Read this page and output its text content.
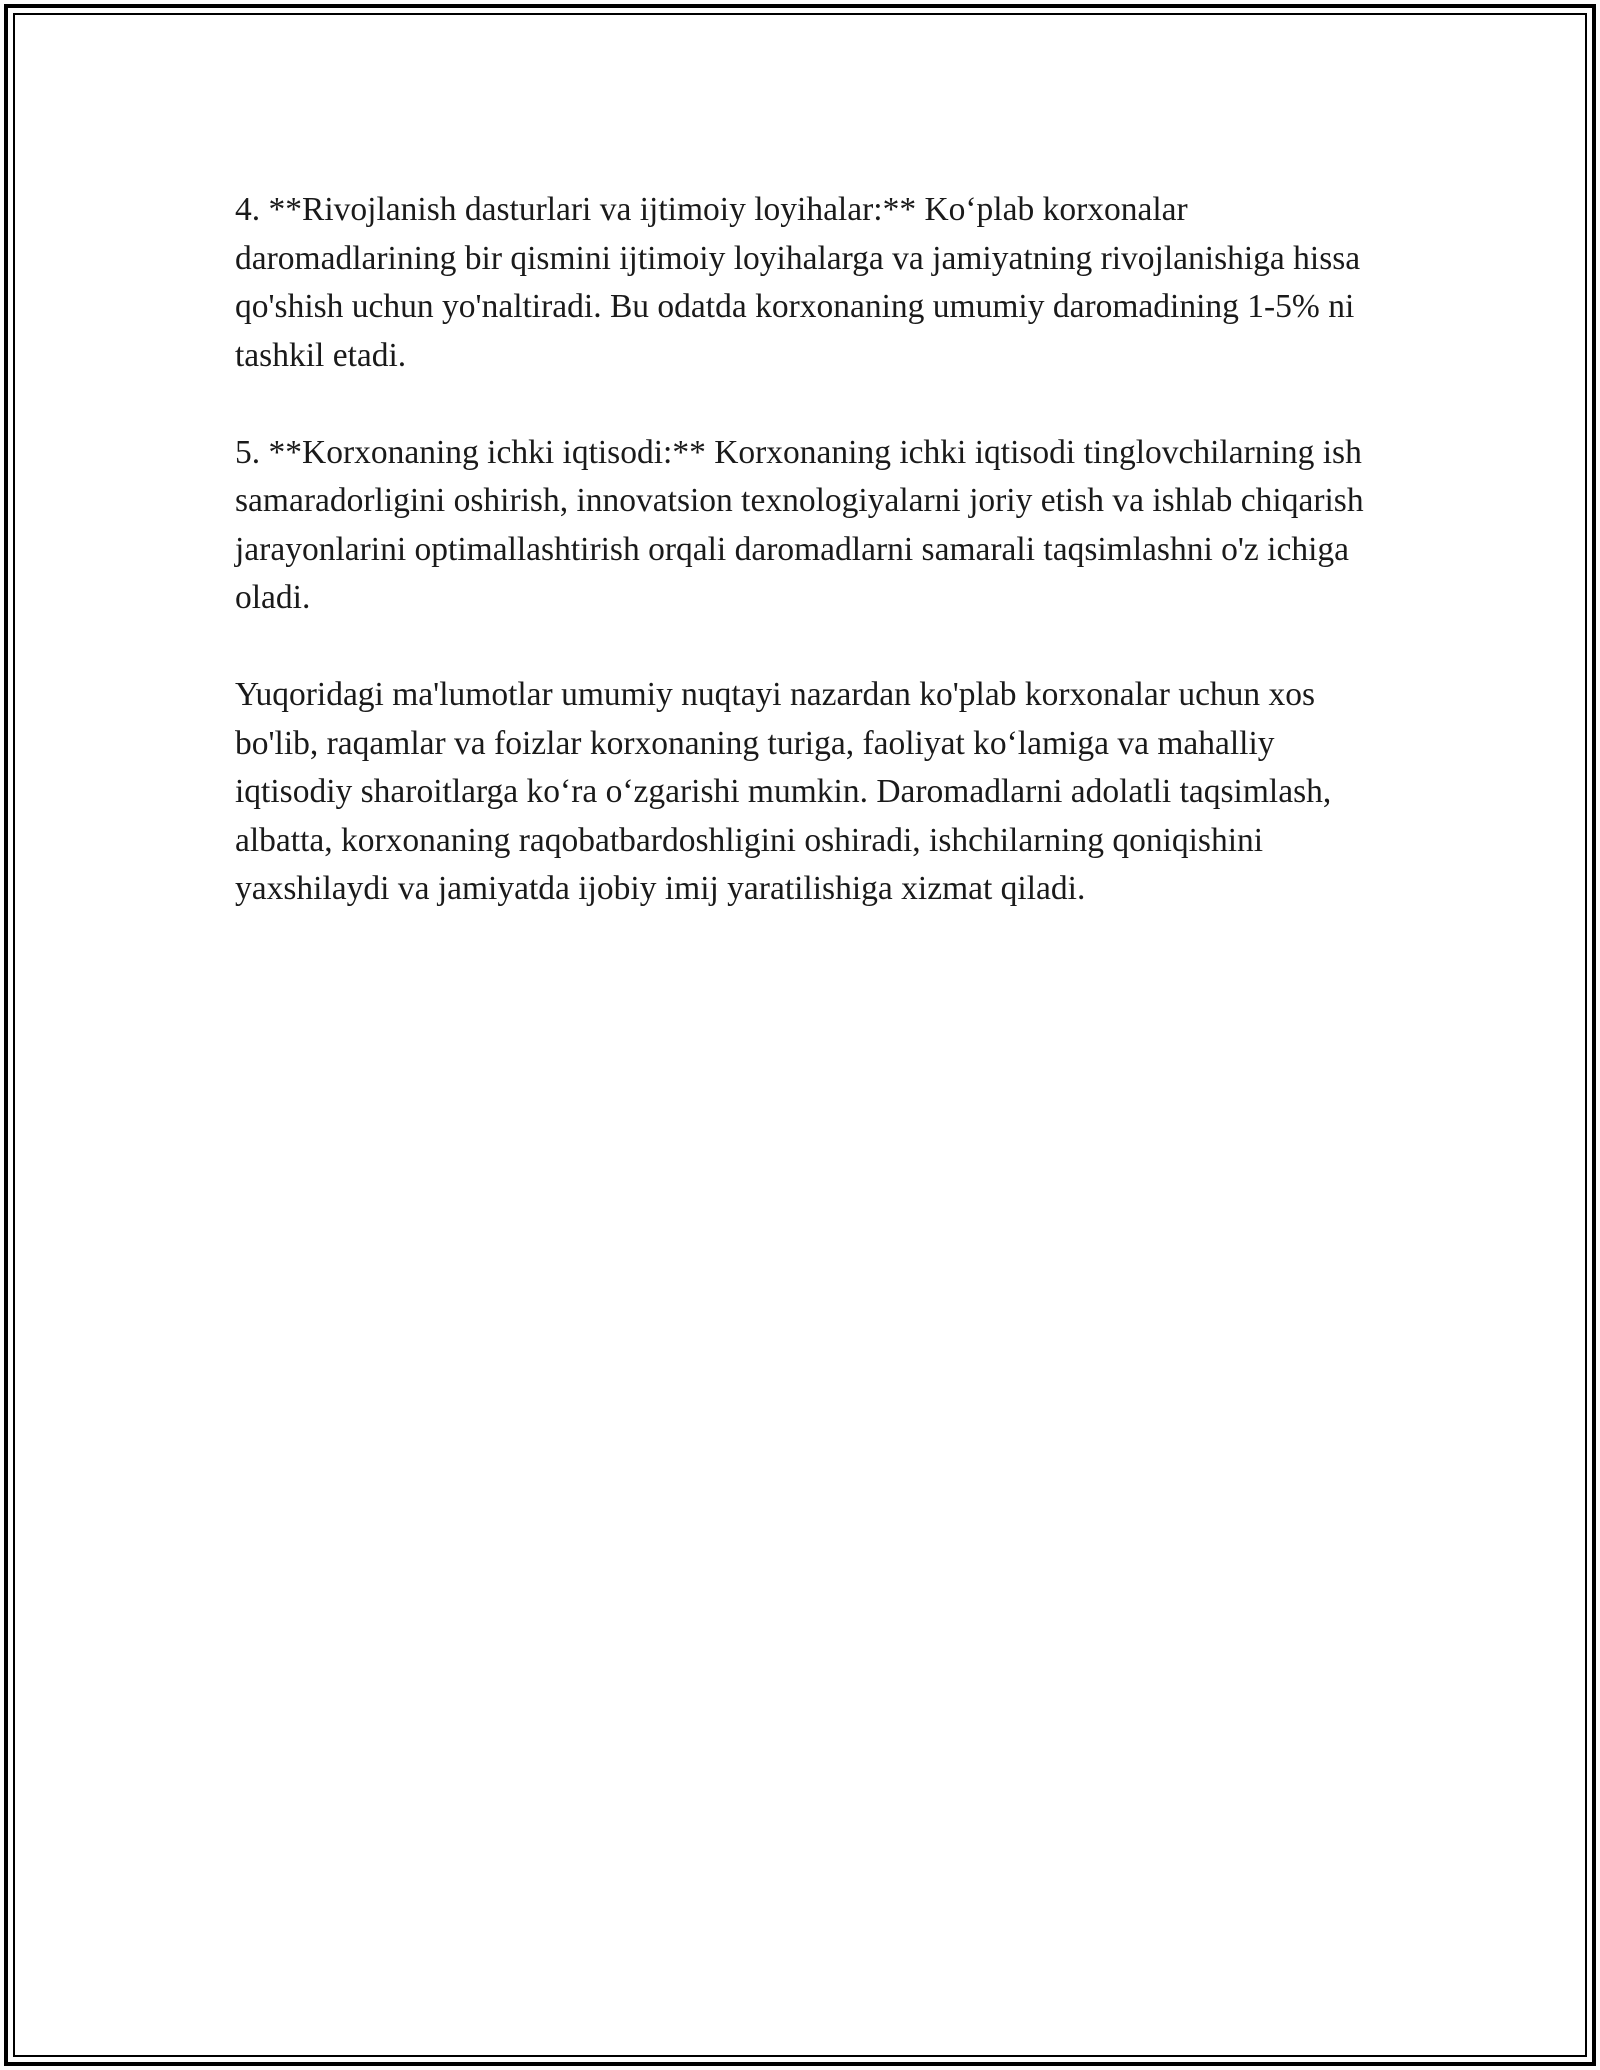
4. **Rivojlanish dasturlari va ijtimoiy loyihalar:** Koʻplab korxonalar daromadlarining bir qismini ijtimoiy loyihalarga va jamiyatning rivojlanishiga hissa qo'shish uchun yo'naltiradi. Bu odatda korxonaning umumiy daromadining 1-5% ni tashkil etadi.

5. **Korxonaning ichki iqtisodi:** Korxonaning ichki iqtisodi tinglovchilarning ish samaradorligini oshirish, innovatsion texnologiyalarni joriy etish va ishlab chiqarish jarayonlarini optimallashtirish orqali daromadlarni samarali taqsimlashni o'z ichiga oladi.

Yuqoridagi ma'lumotlar umumiy nuqtayi nazardan ko'plab korxonalar uchun xos bo'lib, raqamlar va foizlar korxonaning turiga, faoliyat koʻlamiga va mahalliy iqtisodiy sharoitlarga koʻra oʻzgarishi mumkin. Daromadlarni adolatli taqsimlash, albatta, korxonaning raqobatbardoshligini oshiradi, ishchilarning qoniqishini yaxshilaydi va jamiyatda ijobiy imij yaratilishiga xizmat qiladi.
